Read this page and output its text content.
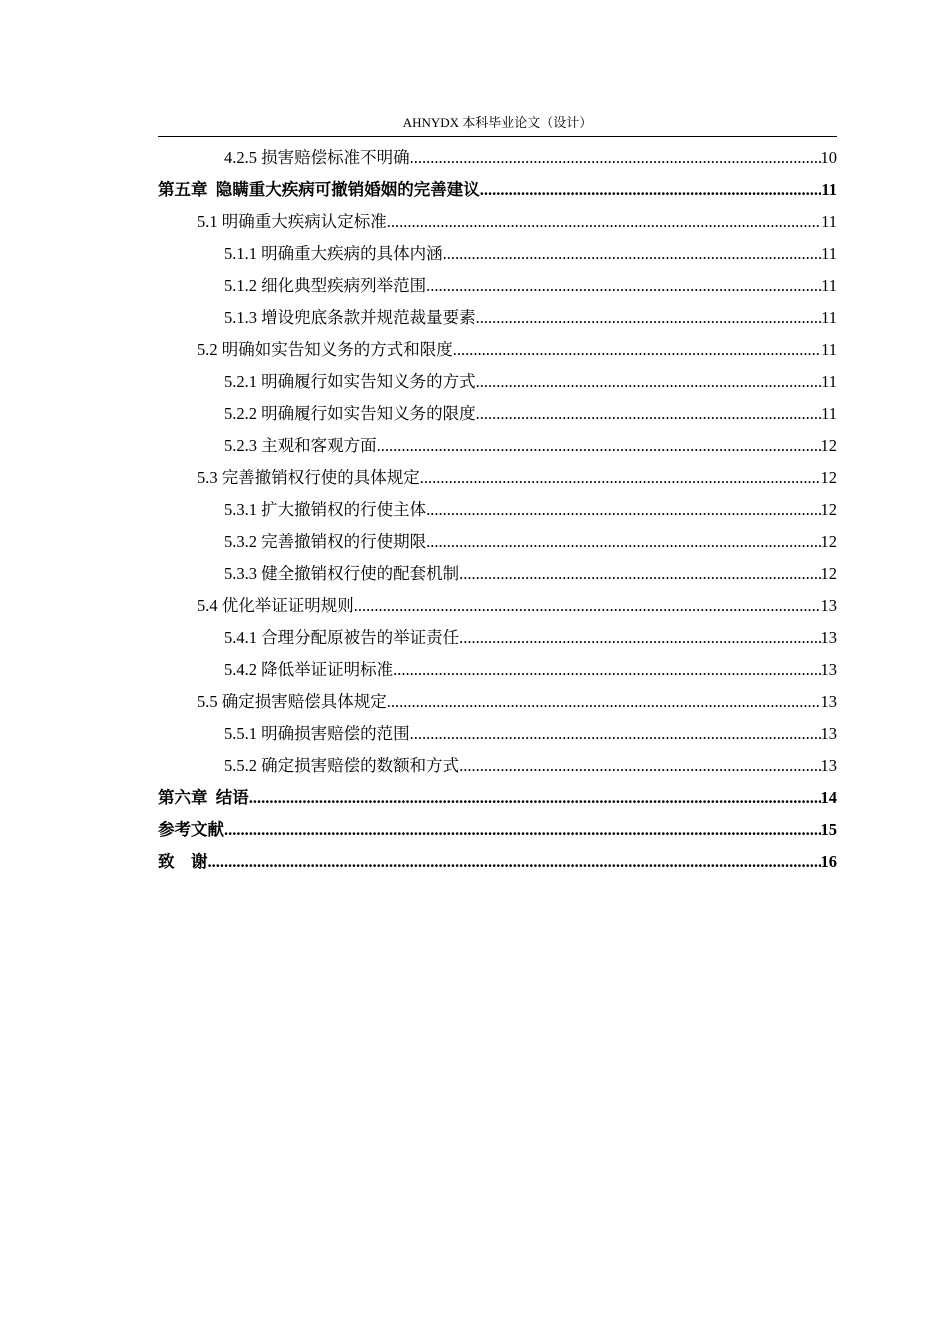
AHNYDX 本科毕业论文（设计）
4.2.5 损害赔偿标准不明确 .....	10
第五章  隐瞒重大疾病可撤销婚姻的完善建议 .....	11
5.1 明确重大疾病认定标准 .....	11
5.1.1 明确重大疾病的具体内涵 .....	11
5.1.2 细化典型疾病列举范围 .....	11
5.1.3 增设兜底条款并规范裁量要素 .....	11
5.2 明确如实告知义务的方式和限度 .....	11
5.2.1 明确履行如实告知义务的方式 .....	11
5.2.2 明确履行如实告知义务的限度 .....	11
5.2.3 主观和客观方面 .....	12
5.3 完善撤销权行使的具体规定 .....	12
5.3.1 扩大撤销权的行使主体 .....	12
5.3.2 完善撤销权的行使期限 .....	12
5.3.3 健全撤销权行使的配套机制 .....	12
5.4 优化举证证明规则 .....	13
5.4.1 合理分配原被告的举证责任 .....	13
5.4.2 降低举证证明标准 .....	13
5.5 确定损害赔偿具体规定 .....	13
5.5.1 明确损害赔偿的范围 .....	13
5.5.2 确定损害赔偿的数额和方式 .....	13
第六章  结语 .....	14
参考文献 .....	15
致    谢 .....	16
